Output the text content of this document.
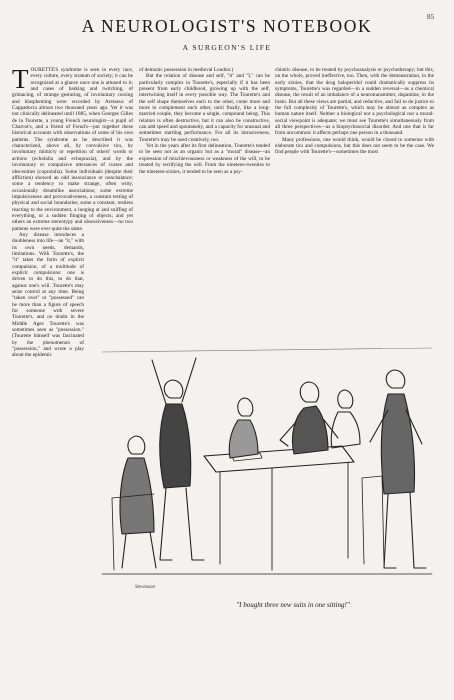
85
A NEUROLOGIST'S NOTEBOOK
A SURGEON'S LIFE

TOURETTE'S syndrome is seen in every race, every culture, every stratum of society; it can be recognized at a glance once one is attuned to it; and cases of barking and twitching, of grimacing, of strange gesturing, of involuntary cursing and blaspheming were recorded by Aretaeus of Cappadocia almost two thousand years ago. Yet it was not clinically delineated until 1885, when Georges Gilles de la Tourette, a young French neurologist—a pupil of Charcot's, and a friend of Freud's—put together these historical accounts with observations of some of his own patients. The syndrome as he described it was characterized, above all, by convulsive tics, by involuntary mimicry or repetition of others' words or actions (echolalia and echopraxia), and by the involuntary or compulsive utterances of curses and obscenities (coprolalia). Some individuals (despite their affliction) showed an odd insouciance or nonchalance; some a tendency to make strange, often witty, occasionally dreamlike associations; some extreme impulsiveness and provocativeness, a constant testing of physical and social boundaries; some a constant, restless reacting to the environment, a lunging at and sniffing of everything, or a sudden flinging of objects; and yet others an extreme stereotypy and obsessiveness—no two patients were ever quite the same.

Any disease introduces a doubleness into life—an "it," with its own needs, demands, limitations. With Tourette's, the "it" takes the form of explicit compulsion, of a multitude of explicit compulsions: one is driven to do this, to do that, against one's will. Tourette's may seize control at any time. Being "taken over" or "possessed" can be more than a figure of speech for someone with severe Tourette's, and no doubt in the Middle Ages Tourette's was sometimes seen as "possession." (Tourette himself was fascinated by the phenomenon of "possession," and wrote a play about the epidemic

of demonic possession in medieval Loudun.)

But the relation of disease and self, "it" and "I," can be particularly complex in Tourette's, especially if it has been present from early childhood, growing up with the self, intertwining itself in every possible way. The Tourette's and the self shape themselves each to the other, come more and more to complement each other, until finally, like a long-married couple, they become a single, compound being. This relation is often destructive, but it can also be constructive, can add speed and spontaneity, and a capacity for unusual and sometimes startling performance. For all its intrusiveness, Tourette's may be used creatively, too.

Yet in the years after its first delineation, Tourette's tended to be seen not as an organic but as a "moral" disease—an expression of mischievousness or weakness of the will, to be treated by rectifying the will. From the nineteen-twenties to the nineteen-sixties, it tended to be seen as a psy-

chiatric disease, to be treated by psychoanalysis or psychotherapy; but this, on the whole, proved ineffective, too. Then, with the demonstration, in the early sixties, that the drug haloperidol could dramatically suppress its symptoms, Tourette's was regarded—in a sudden reversal—as a chemical disease, the result of an imbalance of a neurotransmitter, dopamine, in the brain. But all these views are partial, and reductive, and fail to do justice to the full complexity of Tourette's, which may be almost as complex as human nature itself. Neither a biological nor a psychological nor a moral-social viewpoint is adequate; we must see Tourette's simultaneously from all three perspectives—as a biopsychosocial disorder. And one that is far from uncommon: it affects perhaps one person in a thousand.

Many professions, one would think, would be closed to someone with elaborate tics and compulsions, but this does not seem to be the case. We find people with Tourette's—sometimes the most

Stevenson
"I bought three new suits in one sitting!"
